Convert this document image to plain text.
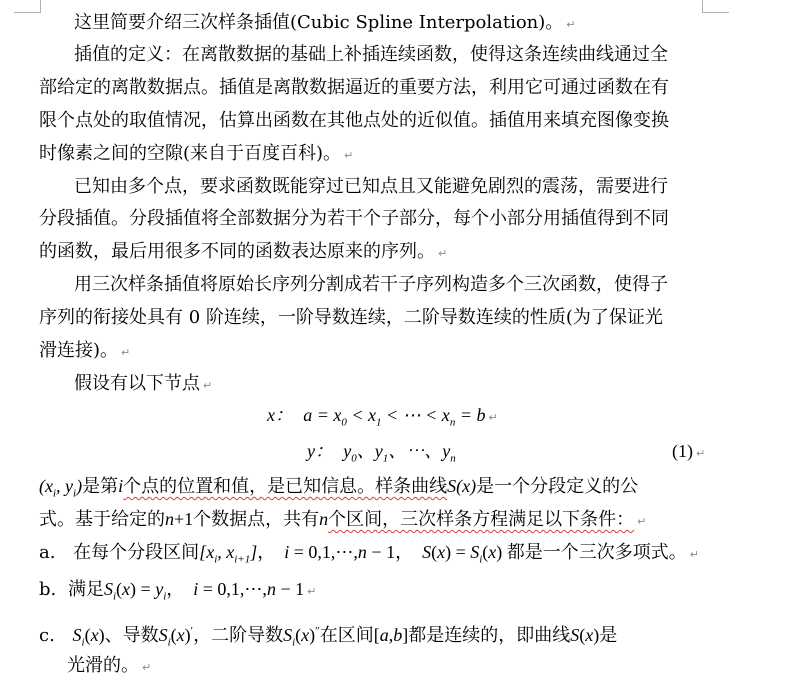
这里简要介绍三次样条插值(Cubic Spline Interpolation)。 ↵
插值的定义：在离散数据的基础上补插连续函数，使得这条连续曲线通过全
部给定的离散数据点。插值是离散数据逼近的重要方法，利用它可通过函数在有
限个点处的取值情况，估算出函数在其他点处的近似值。插值用来填充图像变换
时像素之间的空隙(来自于百度百科)。 ↵
已知由多个点，要求函数既能穿过已知点且又能避免剧烈的震荡，需要进行
分段插值。分段插值将全部数据分为若干个子部分，每个小部分用插值得到不同
的函数，最后用很多不同的函数表达原来的序列。 ↵
用三次样条插值将原始长序列分割成若干子序列构造多个三次函数，使得子
序列的衔接处具有 0 阶连续，一阶导数连续，二阶导数连续的性质(为了保证光
滑连接)。 ↵
假设有以下节点 ↵
x：  $a = x_0 < x_1$ < ⋯ < $x_n = b$ ↵
y：  $y_0$、$y_1$、⋯、$y_n$	(1) ↵
($x_i$, $y_i$)是第i个点的位置和值，是已知信息。样条曲线S(x)是一个分段定义的公
式。基于给定的n+1个数据点，共有n个区间，三次样条方程满足以下条件： ↵
a. 在每个分段区间[$x_i$, $x_{i+1}$]，  i = 0,1,⋯,n − 1，  $S(x) = S_i(x)$ 都是一个三次多项式。 ↵
b. 满足$S_i(x) = y_i$，  i = 0,1,⋯,n − 1 ↵
c. $S_i(x)$、导数$S_i(x)'$，二阶导数$S_i(x)''$在区间[a,b]都是连续的，即曲线S(x)是
光滑的。 ↵
